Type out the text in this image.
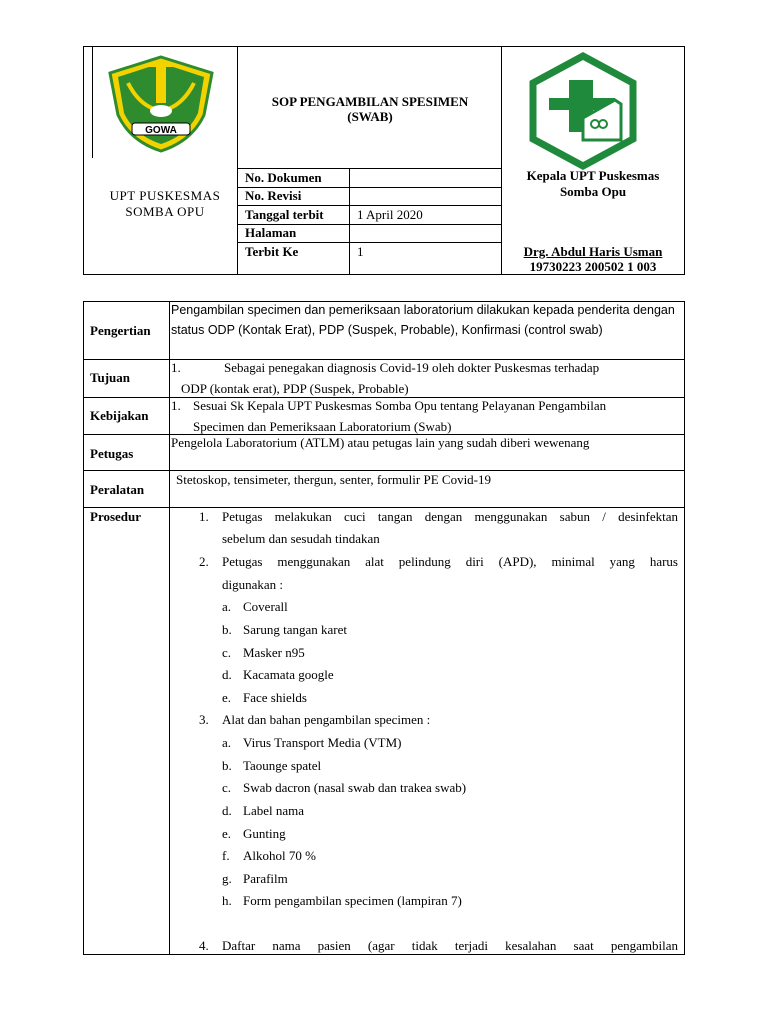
GOWA
UPT PUSKESMAS SOMBA OPU
SOP PENGAMBILAN SPESIMEN (SWAB)
No. Dokumen
No. Revisi
Tanggal terbit	1 April 2020
Halaman
Terbit Ke	1
Kepala UPT Puskesmas Somba Opu
Drg. Abdul Haris Usman
19730223 200502 1 003
Pengertian
Pengambilan specimen dan pemeriksaan laboratorium dilakukan kepada penderita dengan status ODP (Kontak Erat), PDP (Suspek, Probable), Konfirmasi (control swab)
Tujuan
1.	Sebagai penegakan diagnosis Covid-19 oleh dokter Puskesmas terhadap
ODP (kontak erat), PDP (Suspek, Probable)
Kebijakan
1. Sesuai Sk Kepala UPT Puskesmas Somba Opu tentang Pelayanan Pengambilan
Specimen dan Pemeriksaan Laboratorium (Swab)
Petugas
Pengelola Laboratorium (ATLM) atau petugas lain yang sudah diberi wewenang
Peralatan
Stetoskop, tensimeter, thergun, senter, formulir PE Covid-19
Prosedur	1. Petugas melakukan cuci tangan dengan menggunakan sabun / desinfektan
sebelum dan sesudah tindakan
2. Petugas menggunakan alat pelindung diri (APD), minimal yang harus
digunakan :
a. Coverall
b. Sarung tangan karet
c. Masker n95
d. Kacamata google
e. Face shields
3. Alat dan bahan pengambilan specimen :
a. Virus Transport Media (VTM)
b. Taounge spatel
c. Swab dacron (nasal swab dan trakea swab)
d. Label nama
e. Gunting
f. Alkohol 70 %
g. Parafilm
h. Form pengambilan specimen (lampiran 7)
4. Daftar nama pasien (agar tidak terjadi kesalahan saat pengambilan
